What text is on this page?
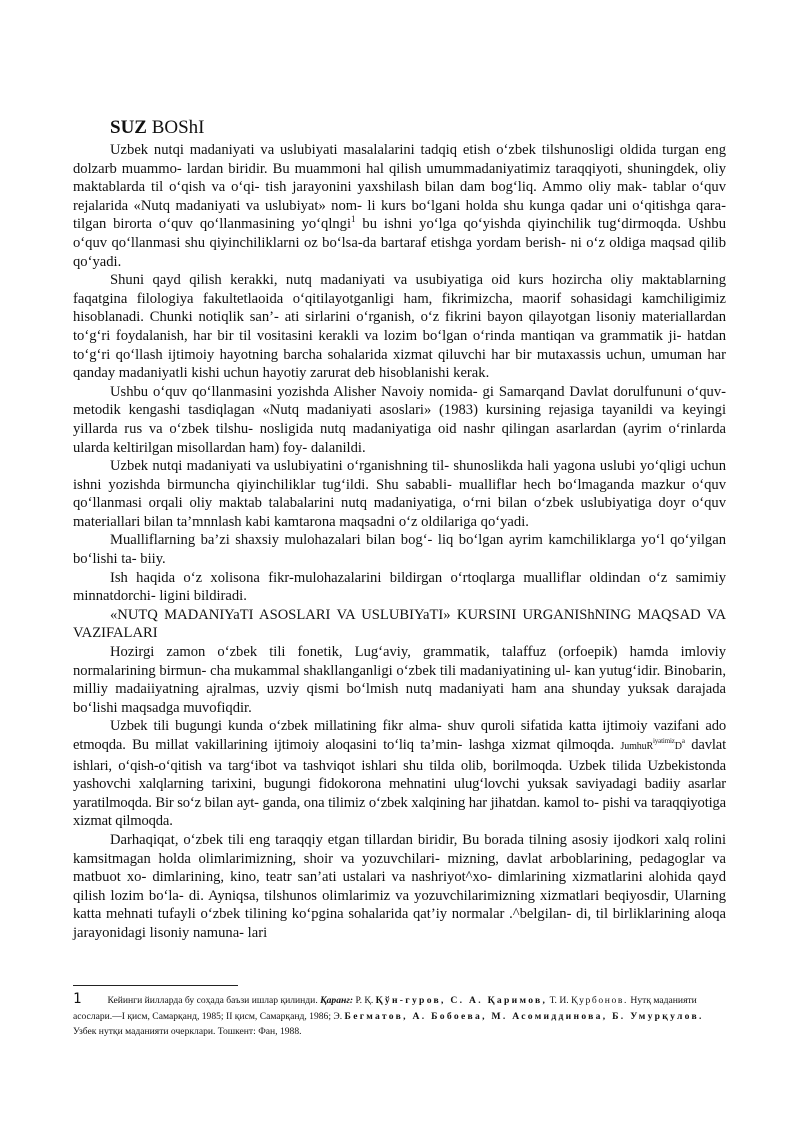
SUZ BOShI

Uzbek nutqi madaniyati va uslubiyati masalalarini tadqiq etish o‘zbek tilshunosligi oldida turgan eng dolzarb muammo- lardan biridir. Bu muammoni hal qilish umummadaniyatimiz taraqqiyoti, shuningdek, oliy maktablarda til o‘qish va o‘qi- tish jarayonini yaxshilash bilan dam bog‘liq. Ammo oliy mak- tablar o‘quv rejalarida «Nutq madaniyati va uslubiyat» nom- li kurs bo‘lgani holda shu kunga qadar uni o‘qitishga qara- tilgan birorta o‘quv qo‘llanmasining yo‘qlngi$^1$ bu ishni yo‘lga qo‘yishda qiyinchilik tug‘dirmoqda. Ushbu o‘quv qo‘llanmasi shu qiyinchiliklarni oz bo‘lsa-da bartaraf etishga yordam berish- ni o‘z oldiga maqsad qilib qo‘yadi.

Shuni qayd qilish kerakki, nutq madaniyati va usubiyatiga oid kurs hozircha oliy maktablarning faqatgina filologiya fakultetlaoida o‘qitilayotganligi ham, fikrimizcha, maorif sohasidagi kamchiligimiz hisoblanadi. Chunki notiqlik san’- ati sirlarini o‘rganish, o‘z fikrini bayon qilayotgan lisoniy materiallardan to‘g‘ri foydalanish, har bir til vositasini kerakli va lozim bo‘lgan o‘rinda mantiqan va grammatik ji- hatdan to‘g‘ri qo‘llash ijtimoiy hayotning barcha sohalarida xizmat qiluvchi har bir mutaxassis uchun, umuman har qanday madaniyatli kishi uchun hayotiy zarurat deb hisoblanishi kerak.

Ushbu o‘quv qo‘llanmasini yozishda Alisher Navoiy nomida- gi Samarqand Davlat dorulfununi o‘quv-metodik kengashi tasdiqlagan «Nutq madaniyati asoslari» (1983) kursining rejasiga tayanildi va keyingi yillarda rus va o‘zbek tilshu- nosligida nutq madaniyatiga oid nashr qilingan asarlardan (ayrim o‘rinlarda ularda keltirilgan misollardan ham) foy- dalanildi.

Uzbek nutqi madaniyati va uslubiyatini o‘rganishning til- shunoslikda hali yagona uslubi yo‘qligi uchun ishni yozishda birmuncha qiyinchiliklar tug‘ildi. Shu sababli- mualliflar hech bo‘lmaganda mazkur o‘quv qo‘llanmasi orqali oliy maktab talabalarini nutq madaniyatiga, o‘rni bilan o‘zbek uslubiyatiga doyr o‘quv materiallari bilan ta’mnnlash kabi kamtarona maqsadni o‘z oldilariga qo‘yadi.

Mualliflarning ba’zi shaxsiy mulohazalari bilan bog‘- liq bo‘lgan ayrim kamchiliklarga yo‘l qo‘yilgan bo‘lishi ta- biiy.

Ish haqida o‘z xolisona fikr-mulohazalarini bildirgan o‘rtoqlarga mualliflar oldindan o‘z samimiy minnatdorchi- ligini bildiradi.

«NUTQ MADANIYaTI ASOSLARI VA USLUBIYaTI» KURSINI URGANIShNING MAQSAD VA VAZIFALARI

Hozirgi zamon o‘zbek tili fonetik, Lug‘aviy, grammatik, talaffuz (orfoepik) hamda imloviy normalarining birmun- cha mukammal shakllanganligi o‘zbek tili madaniyatining ul- kan yutug‘idir. Binobarin, milliy madaiiyatning ajralmas, uzviy qismi bo‘lmish nutq madaniyati ham ana shunday yuksak darajada bo‘lishi maqsadga muvofiqdir.

Uzbek tili bugungi kunda o‘zbek millatining fikr alma- shuv quroli sifatida katta ijtimoiy vazifani ado etmoqda. Bu millat vakillarining ijtimoiy aloqasini to‘liq ta’min- lashga xizmat qilmoqda. $JumhuR^{iyatimiz}D^a$ davlat ishlari, o‘qish-o‘qitish va targ‘ibot va tashviqot ishlari shu tilda olib, borilmoqda. Uzbek tilida Uzbekistonda yashovchi xalqlarning tarixini, bugungi fidokorona mehnatini ulug‘lovchi yuksak saviyadagi badiiy asarlar yaratilmoqda. Bir so‘z bilan ayt- ganda, ona tilimiz o‘zbek xalqining har jihatdan. kamol to- pishi va taraqqiyotiga xizmat qilmoqda.

Darhaqiqat, o‘zbek tili eng taraqqiy etgan tillardan biridir, Bu borada tilning asosiy ijodkori xalq rolini kamsitmagan holda olimlarimizning, shoir va yozuvchilari- mizning, davlat arboblarining, pedagoglar va matbuot xo- dimlarining, kino, teatr san’ati ustalari va nashriyot^xo- dimlarining xizmatlarini alohida qayd qilish lozim bo‘la- di. Ayniqsa, tilshunos olimlarimiz va yozuvchilarimizning xizmatlari beqiyosdir, Ularning katta mehnati tufayli o‘zbek tilining ko‘pgina sohalarida qat’iy normalar .^belgilan- di, til birliklarining aloqa jarayonidagi lisoniy namuna- lari

1	Кейинги йилларда бу соҳада баъзи ишлар қилинди. Қаранг: Р. Қ. Қўн-гуров, С. А. Қаримов, Т. И. Қурбонов. Нутқ маданияти асослари.—I қисм, Самарқанд, 1985; II қисм, Самарқанд, 1986; Э. Бегматов, А. Бобоева, М. Асомиддинова, Б. Умурқулов. Узбек нутқи маданияти очерклари. Тошкент: Фан, 1988.
